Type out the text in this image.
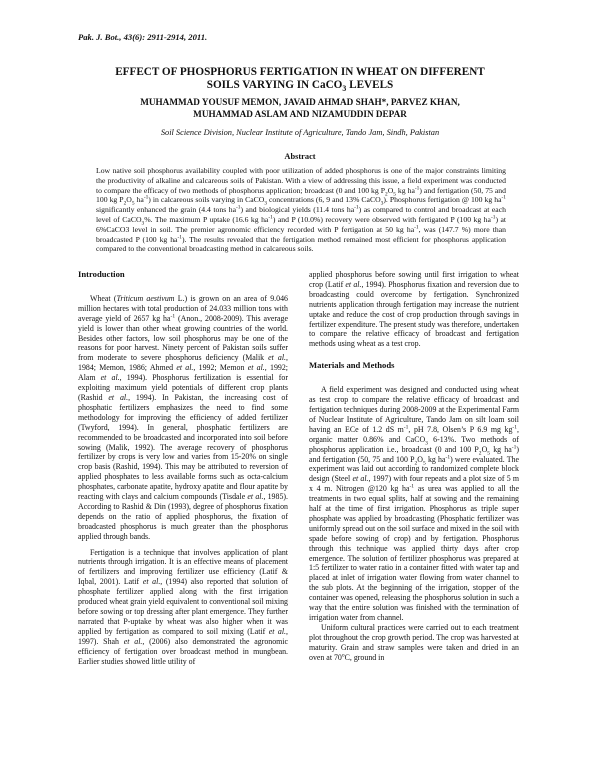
Pak. J. Bot., 43(6): 2911-2914, 2011.
EFFECT OF PHOSPHORUS FERTIGATION IN WHEAT ON DIFFERENT
SOILS VARYING IN CaCO$_3$ LEVELS
MUHAMMAD YOUSUF MEMON, JAVAID AHMAD SHAH*, PARVEZ KHAN,
MUHAMMAD ASLAM AND NIZAMUDDIN DEPAR
Soil Science Division, Nuclear Institute of Agriculture, Tando Jam, Sindh, Pakistan
Abstract
Low native soil phosphorus availability coupled with poor utilization of added phosphorus is one of the major constraints limiting the productivity of alkaline and calcareous soils of Pakistan. With a view of addressing this issue, a field experiment was conducted to compare the efficacy of two methods of phosphorus application; broadcast (0 and 100 kg $P_2O_5$ kg $ha^{-1}$) and fertigation (50, 75 and 100 kg $P_2O_5$ $ha^{-1}$) in calcareous soils varying in CaCO$_3$ concentrations (6, 9 and 13% CaCO$_3$). Phosphorus fertigation @ 100 kg $ha^{-1}$ significantly enhanced the grain (4.4 tons $ha^{-1}$) and biological yields (11.4 tons $ha^{-1}$) as compared to control and broadcast at each level of CaCO$_3$%. The maximum P uptake (16.6 kg $ha^{-1}$) and P (10.0%) recovery were observed with fertigated P (100 kg $ha^{-1}$) at 6%CaCO3 level in soil. The premier agronomic efficiency recorded with P fertigation at 50 kg $ha^{-1}$, was (147.7 %) more than broadcasted P (100 kg $ha^{-1}$). The results revealed that the fertigation method remained most efficient for phosphorus application compared to the conventional broadcasting method in calcareous soils.
Introduction

Wheat (Triticum aestivum L.) is grown on an area of 9.046 million hectares with total production of 24.033 million tons with average yield of 2657 kg $ha^{-1}$ (Anon., 2008-2009). This average yield is lower than other wheat growing countries of the world. Besides other factors, low soil phosphorus may be one of the reasons for poor harvest. Ninety percent of Pakistan soils suffer from moderate to severe phosphorus deficiency (Malik et al., 1984; Memon, 1986; Ahmed et al., 1992; Memon et al., 1992; Alam et al., 1994). Phosphorus fertilization is essential for exploiting maximum yield potentials of different crop plants (Rashid et al., 1994). In Pakistan, the increasing cost of phosphatic fertilizers emphasizes the need to find some methodology for improving the efficiency of added fertilizer (Twyford, 1994). In general, phosphatic fertilizers are recommended to be broadcasted and incorporated into soil before sowing (Malik, 1992). The average recovery of phosphorus fertilizer by crops is very low and varies from 15-20% on single crop basis (Rashid, 1994). This may be attributed to reversion of applied phosphates to less available forms such as octa-calcium phosphates, carbonate apatite, hydroxy apatite and flour apatite by reacting with clays and calcium compounds (Tisdale et al., 1985). According to Rashid & Din (1993), degree of phosphorus fixation depends on the ratio of applied phosphorus, the fixation of broadcasted phosphorus is much greater than the phosphorus applied through bands.

Fertigation is a technique that involves application of plant nutrients through irrigation. It is an effective means of placement of fertilizers and improving fertilizer use efficiency (Latif & Iqbal, 2001). Latif et al., (1994) also reported that solution of phosphate fertilizer applied along with the first irrigation produced wheat grain yield equivalent to conventional soil mixing before sowing or top dressing after plant emergence. They further narrated that P-uptake by wheat was also higher when it was applied by fertigation as compared to soil mixing (Latif et al., 1997). Shah et al., (2006) also demonstrated the agronomic efficiency of fertigation over broadcast method in mungbean. Earlier studies showed little utility of

applied phosphorus before sowing until first irrigation to wheat crop (Latif et al., 1994). Phosphorus fixation and reversion due to broadcasting could overcome by fertigation. Synchronized nutrients application through fertigation may increase the nutrient uptake and reduce the cost of crop production through savings in fertilizer expenditure. The present study was therefore, undertaken to compare the relative efficacy of broadcast and fertigation methods using wheat as a test crop.

Materials and Methods

A field experiment was designed and conducted using wheat as test crop to compare the relative efficacy of broadcast and fertigation techniques during 2008-2009 at the Experimental Farm of Nuclear Institute of Agriculture, Tando Jam on silt loam soil having an ECe of 1.2 dS $m^{-1}$, pH 7.8, Olsen’s P 6.9 mg $kg^{-1}$, organic matter 0.86% and CaCO$_3$ 6-13%. Two methods of phosphorus application i.e., broadcast (0 and 100 $P_2O_5$ kg $ha^{-1}$) and fertigation (50, 75 and 100 $P_2O_5$ kg $ha^{-1}$) were evaluated. The experiment was laid out according to randomized complete block design (Steel et al., 1997) with four repeats and a plot size of 5 m x 4 m. Nitrogen @120 kg $ha^{-1}$ as urea was applied to all the treatments in two equal splits, half at sowing and the remaining half at the time of first irrigation. Phosphorus as triple super phosphate was applied by broadcasting (Phosphatic fertilizer was uniformly spread out on the soil surface and mixed in the soil with spade before sowing of crop) and by fertigation. Phosphorus through this technique was applied thirty days after crop emergence. The solution of fertilizer phosphorus was prepared at 1:5 fertilizer to water ratio in a container fitted with water tap and placed at inlet of irrigation water flowing from water channel to the sub plots. At the beginning of the irrigation, stopper of the container was opened, releasing the phosphorus solution in such a way that the entire solution was finished with the termination of irrigation water from channel.

Uniform cultural practices were carried out to each treatment plot throughout the crop growth period. The crop was harvested at maturity. Grain and straw samples were taken and dried in an oven at 70$^o$C, ground in
